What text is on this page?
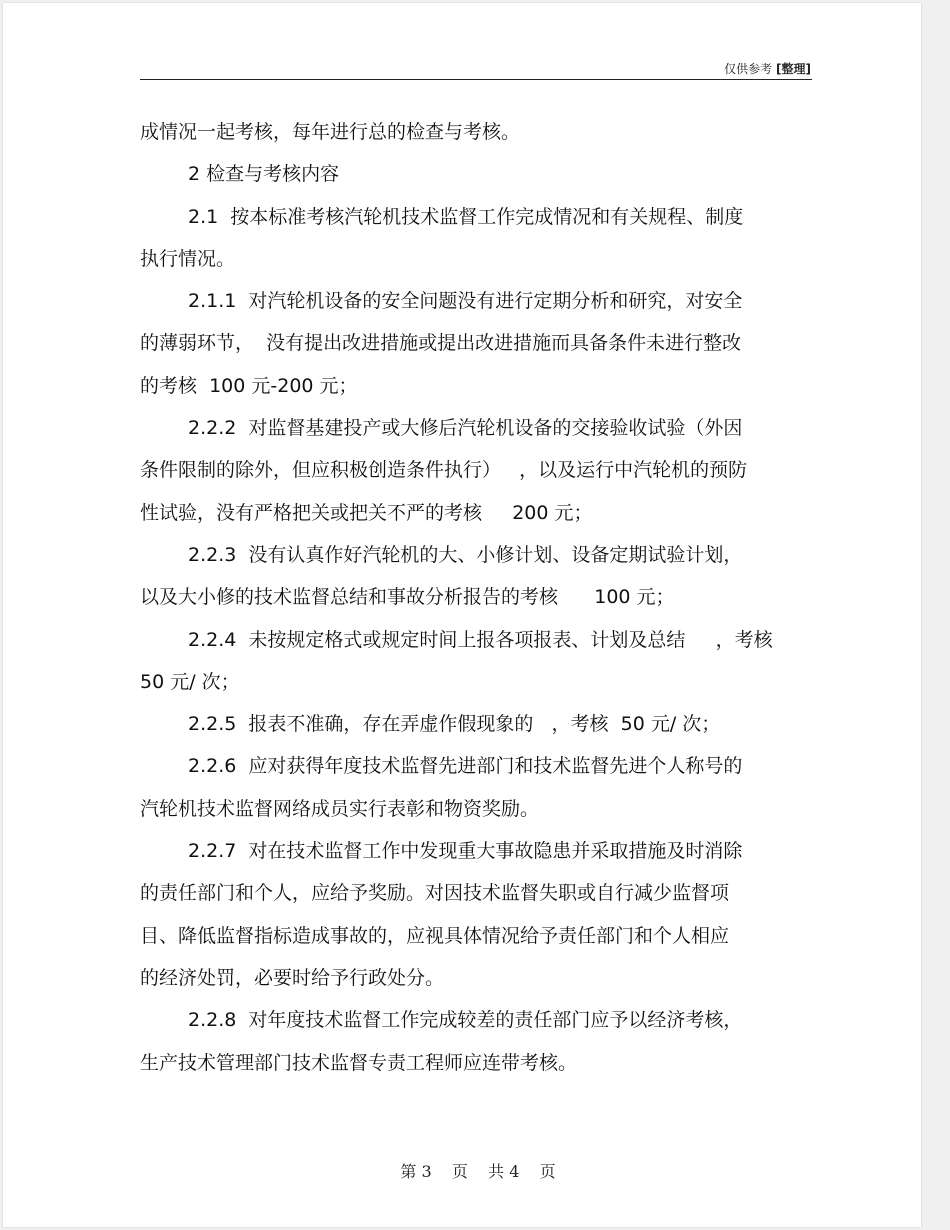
仅供参考 [整理]
成情况一起考核，每年进行总的检查与考核。
2 检查与考核内容
2.1  按本标准考核汽轮机技术监督工作完成情况和有关规程、制度
执行情况。
2.1.1  对汽轮机设备的安全问题没有进行定期分析和研究，对安全
的薄弱环节，  没有提出改进措施或提出改进措施而具备条件未进行整改
的考核  100 元-200 元；
2.2.2  对监督基建投产或大修后汽轮机设备的交接验收试验（外因
条件限制的除外，但应积极创造条件执行）   ，以及运行中汽轮机的预防
性试验，没有严格把关或把关不严的考核     200 元；
2.2.3  没有认真作好汽轮机的大、小修计划、设备定期试验计划，
以及大小修的技术监督总结和事故分析报告的考核      100 元；
2.2.4  未按规定格式或规定时间上报各项报表、计划及总结     ，考核
50 元/ 次；
2.2.5  报表不准确，存在弄虚作假现象的   ，考核  50 元/ 次；
2.2.6  应对获得年度技术监督先进部门和技术监督先进个人称号的
汽轮机技术监督网络成员实行表彰和物资奖励。
2.2.7  对在技术监督工作中发现重大事故隐患并采取措施及时消除
的责任部门和个人，应给予奖励。对因技术监督失职或自行减少监督项
目、降低监督指标造成事故的，应视具体情况给予责任部门和个人相应
的经济处罚，必要时给予行政处分。
2.2.8  对年度技术监督工作完成较差的责任部门应予以经济考核，
生产技术管理部门技术监督专责工程师应连带考核。
第 3 页 共 4 页
